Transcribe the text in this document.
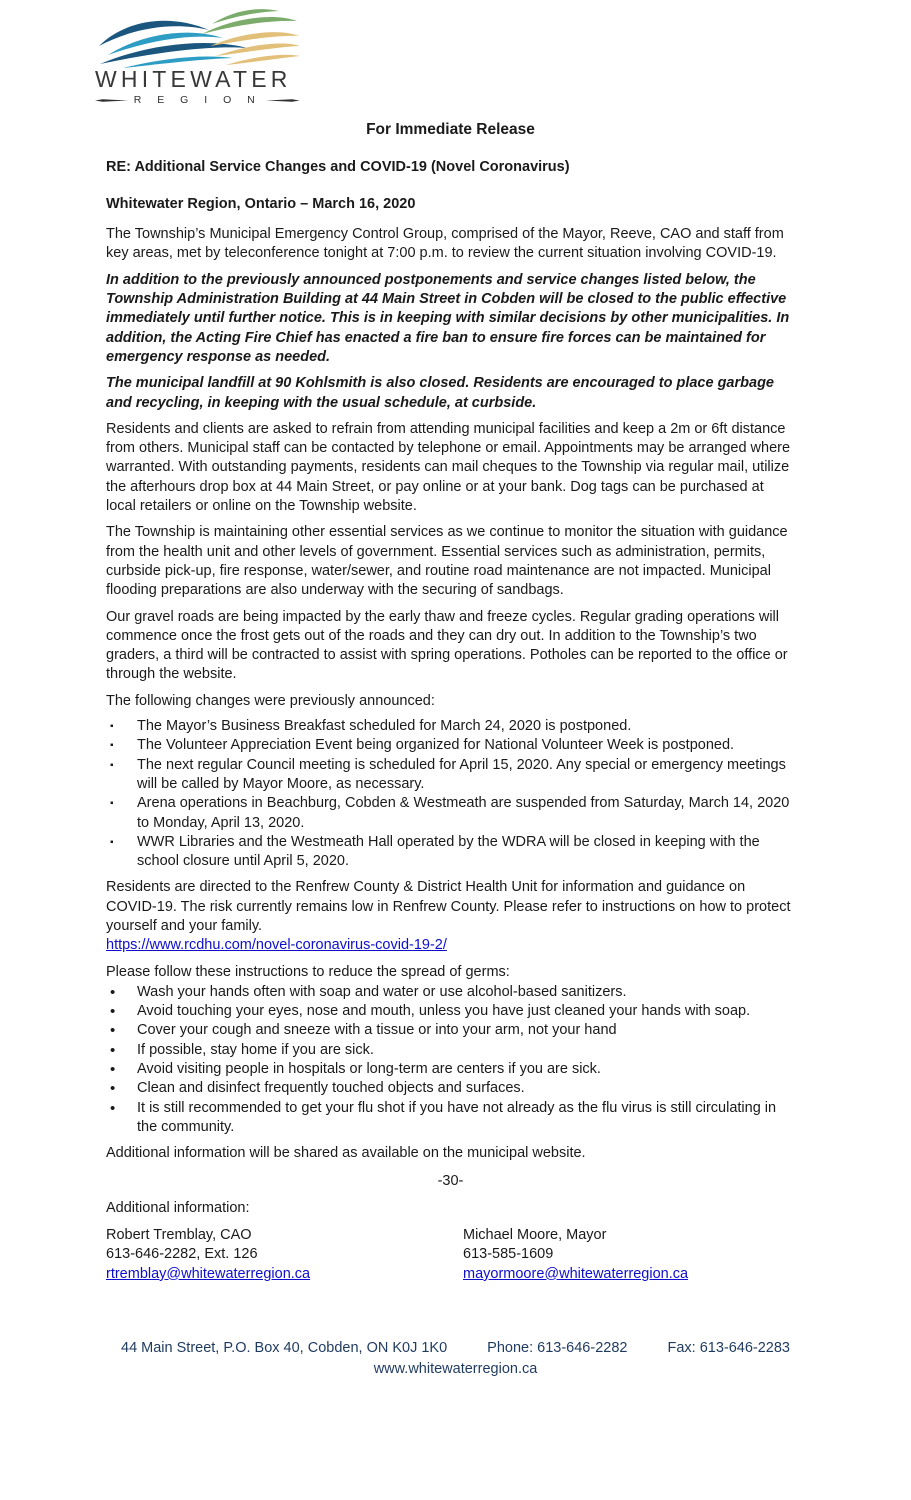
WHITEWATER
R E G I O N
For Immediate Release
RE: Additional Service Changes and COVID-19 (Novel Coronavirus)
Whitewater Region, Ontario – March 16, 2020

The Township’s Municipal Emergency Control Group, comprised of the Mayor, Reeve, CAO and staff from key areas, met by teleconference tonight at 7:00 p.m. to review the current situation involving COVID-19.

In addition to the previously announced postponements and service changes listed below, the Township Administration Building at 44 Main Street in Cobden will be closed to the public effective immediately until further notice. This is in keeping with similar decisions by other municipalities. In addition, the Acting Fire Chief has enacted a fire ban to ensure fire forces can be maintained for emergency response as needed.

The municipal landfill at 90 Kohlsmith is also closed. Residents are encouraged to place garbage and recycling, in keeping with the usual schedule, at curbside.

Residents and clients are asked to refrain from attending municipal facilities and keep a 2m or 6ft distance from others. Municipal staff can be contacted by telephone or email. Appointments may be arranged where warranted. With outstanding payments, residents can mail cheques to the Township via regular mail, utilize the afterhours drop box at 44 Main Street, or pay online or at your bank. Dog tags can be purchased at local retailers or online on the Township website.

The Township is maintaining other essential services as we continue to monitor the situation with guidance from the health unit and other levels of government. Essential services such as administration, permits, curbside pick-up, fire response, water/sewer, and routine road maintenance are not impacted. Municipal flooding preparations are also underway with the securing of sandbags.

Our gravel roads are being impacted by the early thaw and freeze cycles. Regular grading operations will commence once the frost gets out of the roads and they can dry out. In addition to the Township’s two graders, a third will be contracted to assist with spring operations. Potholes can be reported to the office or through the website.

The following changes were previously announced:

▪ The Mayor’s Business Breakfast scheduled for March 24, 2020 is postponed.
▪ The Volunteer Appreciation Event being organized for National Volunteer Week is postponed.
▪ The next regular Council meeting is scheduled for April 15, 2020. Any special or emergency meetings will be called by Mayor Moore, as necessary.
▪ Arena operations in Beachburg, Cobden & Westmeath are suspended from Saturday, March 14, 2020 to Monday, April 13, 2020.
▪ WWR Libraries and the Westmeath Hall operated by the WDRA will be closed in keeping with the school closure until April 5, 2020.

Residents are directed to the Renfrew County & District Health Unit for information and guidance on COVID-19. The risk currently remains low in Renfrew County. Please refer to instructions on how to protect yourself and your family.
https://www.rcdhu.com/novel-coronavirus-covid-19-2/

Please follow these instructions to reduce the spread of germs:

• Wash your hands often with soap and water or use alcohol-based sanitizers.
• Avoid touching your eyes, nose and mouth, unless you have just cleaned your hands with soap.
• Cover your cough and sneeze with a tissue or into your arm, not your hand
• If possible, stay home if you are sick.
• Avoid visiting people in hospitals or long-term are centers if you are sick.
• Clean and disinfect frequently touched objects and surfaces.
• It is still recommended to get your flu shot if you have not already as the flu virus is still circulating in the community.

Additional information will be shared as available on the municipal website.

-30-

Additional information:

Robert Tremblay, CAO
613-646-2282, Ext. 126
rtremblay@whitewaterregion.ca
Michael Moore, Mayor
613-585-1609
mayormoore@whitewaterregion.ca
44 Main Street, P.O. Box 40, Cobden, ON K0J 1K0	Phone: 613-646-2282	Fax: 613-646-2283
www.whitewaterregion.ca
